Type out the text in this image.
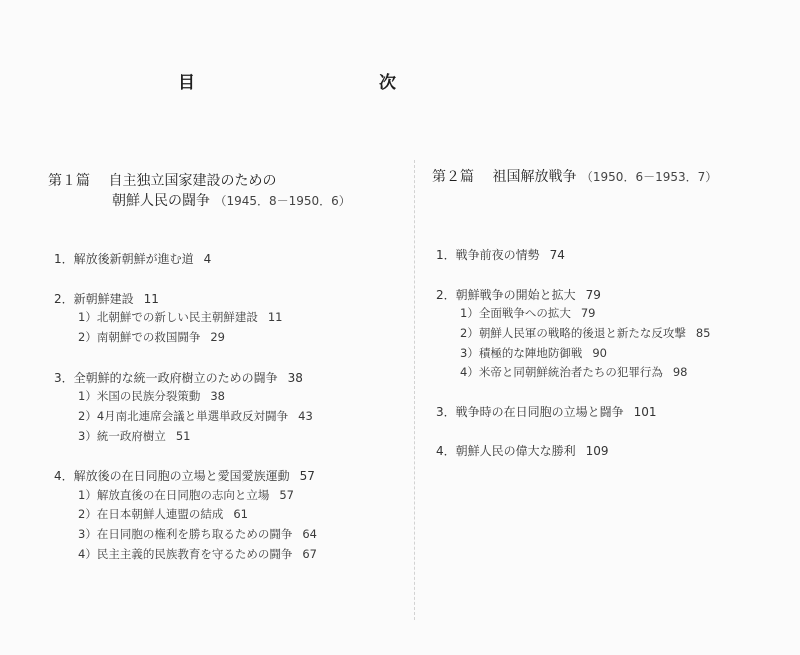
目　　次
第１篇 自主独立国家建設のための
朝鮮人民の闘争 （1945．8－1950．6）
1．解放後新朝鮮が進む道 4
2．新朝鮮建設 11
1）北朝鮮での新しい民主朝鮮建設 11
2）南朝鮮での救国闘争 29
3．全朝鮮的な統一政府樹立のための闘争 38
1）米国の民族分裂策動 38
2）4月南北連席会議と単選単政反対闘争 43
3）統一政府樹立 51
4．解放後の在日同胞の立場と愛国愛族運動 57
1）解放直後の在日同胞の志向と立場 57
2）在日本朝鮮人連盟の結成 61
3）在日同胞の権利を勝ち取るための闘争 64
4）民主主義的民族教育を守るための闘争 67
第２篇 祖国解放戦争 （1950．6－1953．7）
1．戦争前夜の情勢 74
2．朝鮮戦争の開始と拡大 79
1）全面戦争への拡大 79
2）朝鮮人民軍の戦略的後退と新たな反攻撃 85
3）積極的な陣地防御戦 90
4）米帝と同朝鮮統治者たちの犯罪行為 98
3．戦争時の在日同胞の立場と闘争 101
4．朝鮮人民の偉大な勝利 109
